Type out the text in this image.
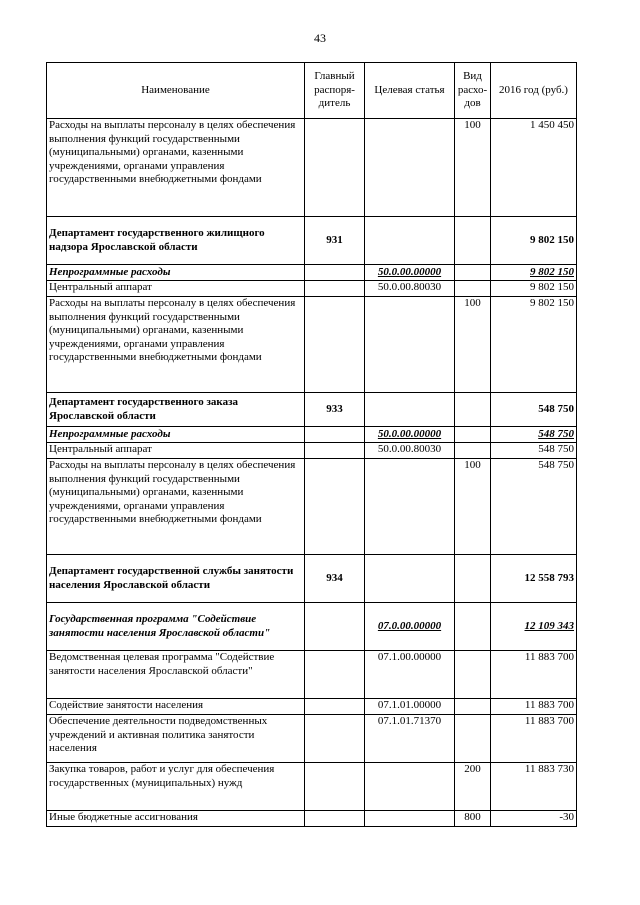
43
Наименование	Главный распоря-дитель	Целевая статья	Вид расхо-дов	2016 год (руб.)
Расходы на выплаты персоналу в целях обеспечения выполнения функций государственными (муниципальными) органами, казенными учреждениями, органами управления государственными внебюджетными фондами			100	1 450 450
Департамент государственного жилищного надзора Ярославской области	931			9 802 150
Непрограммные расходы		50.0.00.00000		9 802 150
Центральный аппарат		50.0.00.80030		9 802 150
Расходы на выплаты персоналу в целях обеспечения выполнения функций государственными (муниципальными) органами, казенными учреждениями, органами управления государственными внебюджетными фондами			100	9 802 150
Департамент государственного заказа Ярославской области	933			548 750
Непрограммные расходы		50.0.00.00000		548 750
Центральный аппарат		50.0.00.80030		548 750
Расходы на выплаты персоналу в целях обеспечения выполнения функций государственными (муниципальными) органами, казенными учреждениями, органами управления государственными внебюджетными фондами			100	548 750
Департамент государственной службы занятости населения Ярославской области	934			12 558 793
Государственная программа "Содействие занятости населения Ярославской области"		07.0.00.00000		12 109 343
Ведомственная целевая программа "Содействие занятости населения Ярославской области"		07.1.00.00000		11 883 700
Содействие занятости населения		07.1.01.00000		11 883 700
Обеспечение деятельности подведомственных учреждений и активная политика занятости населения		07.1.01.71370		11 883 700
Закупка товаров, работ и услуг для обеспечения государственных (муниципальных) нужд			200	11 883 730
Иные бюджетные ассигнования			800	-30
